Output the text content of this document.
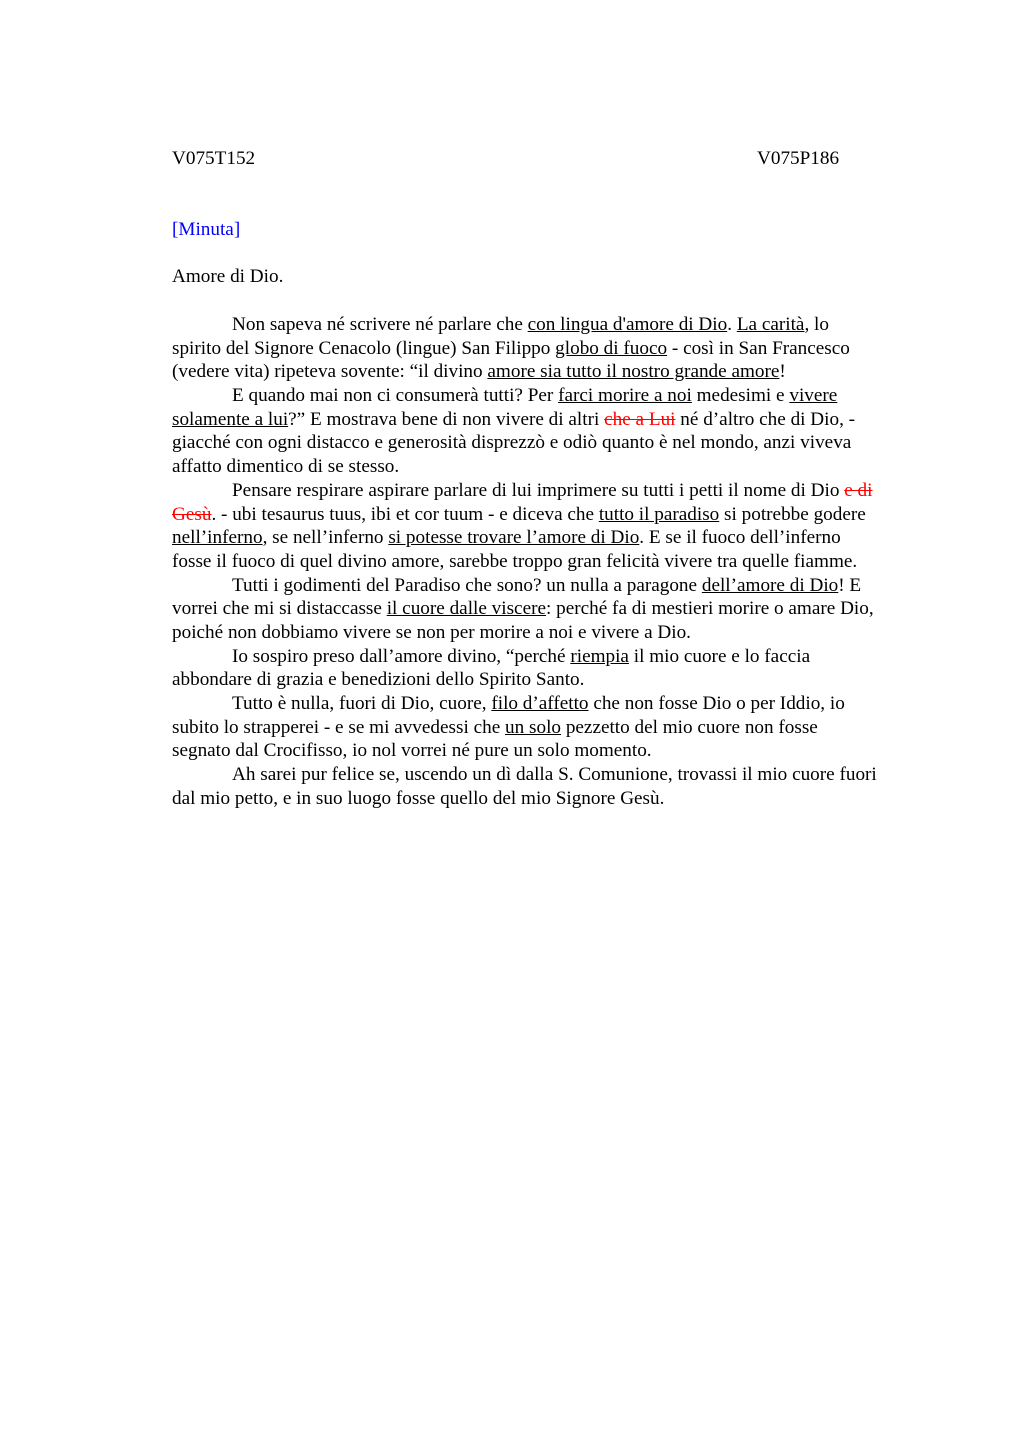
V075T152	V075P186
[Minuta]
Amore di Dio.
Non sapeva né scrivere né parlare che con lingua d'amore di Dio. La carità, lo
spirito del Signore Cenacolo (lingue) San Filippo globo di fuoco - così in San Francesco
(vedere vita) ripeteva sovente: “il divino amore sia tutto il nostro grande amore!
E quando mai non ci consumerà tutti? Per farci morire a noi medesimi e vivere
solamente a lui?” E mostrava bene di non vivere di altri che a Lui né d’altro che di Dio, -
giacché con ogni distacco e generosità disprezzò e odiò quanto è nel mondo, anzi viveva
affatto dimentico di se stesso.
Pensare respirare aspirare parlare di lui imprimere su tutti i petti il nome di Dio e di
Gesù. - ubi tesaurus tuus, ibi et cor tuum - e diceva che tutto il paradiso si potrebbe godere
nell’inferno, se nell’inferno si potesse trovare l’amore di Dio. E se il fuoco dell’inferno
fosse il fuoco di quel divino amore, sarebbe troppo gran felicità vivere tra quelle fiamme.
Tutti i godimenti del Paradiso che sono? un nulla a paragone dell’amore di Dio! E
vorrei che mi si distaccasse il cuore dalle viscere: perché fa di mestieri morire o amare Dio,
poiché non dobbiamo vivere se non per morire a noi e vivere a Dio.
Io sospiro preso dall’amore divino, “perché riempia il mio cuore e lo faccia
abbondare di grazia e benedizioni dello Spirito Santo.
Tutto è nulla, fuori di Dio, cuore, filo d’affetto che non fosse Dio o per Iddio, io
subito lo strapperei - e se mi avvedessi che un solo pezzetto del mio cuore non fosse
segnato dal Crocifisso, io nol vorrei né pure un solo momento.
Ah sarei pur felice se, uscendo un dì dalla S. Comunione, trovassi il mio cuore fuori
dal mio petto, e in suo luogo fosse quello del mio Signore Gesù.
